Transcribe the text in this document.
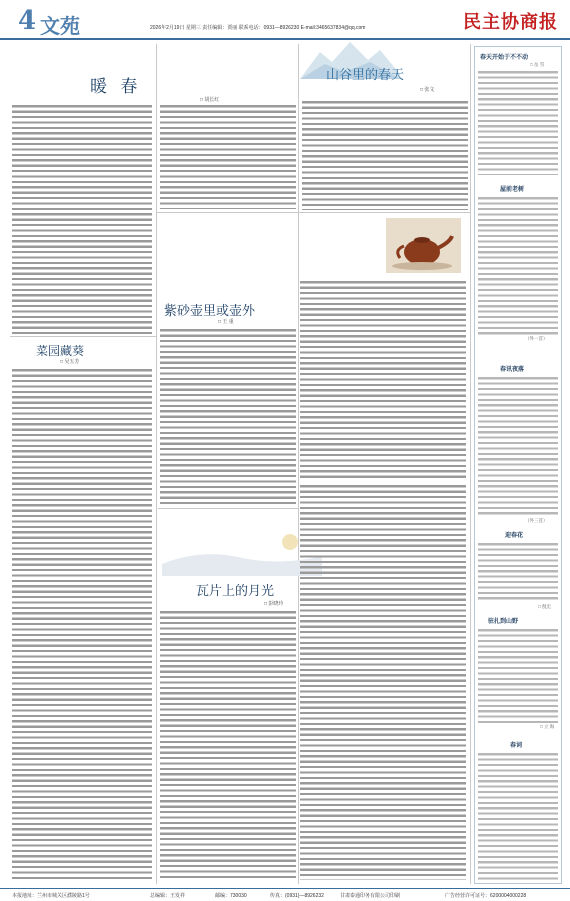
4 文苑	2026年2月19日 星期三 责任编辑：贾丽 联系电话：0931—8926230 E-mail:3465637834@qq.com	民主协商报
暖 春
□ 胡长红
山谷里的春天
□ 张文
春天开始于不不动
□ 岳 雪
屋前老树
（外一首）
春讯夜落
（外三首）
迎春花
□ 倪宏
驻扎到山野
□ 立 海
春词
紫砂壶里或壶外
□ 王 重
菜园藏葵
□ 吴五芳
瓦片上的月光
□ 彭晓玲
本报地址：兰州市城关区濮陵路1号	总编辑：王发祥	邮编：730030	传真：(0931)—8926232	甘肃泰通印务有限公司印刷	广告经营许可证号：6200004000228
